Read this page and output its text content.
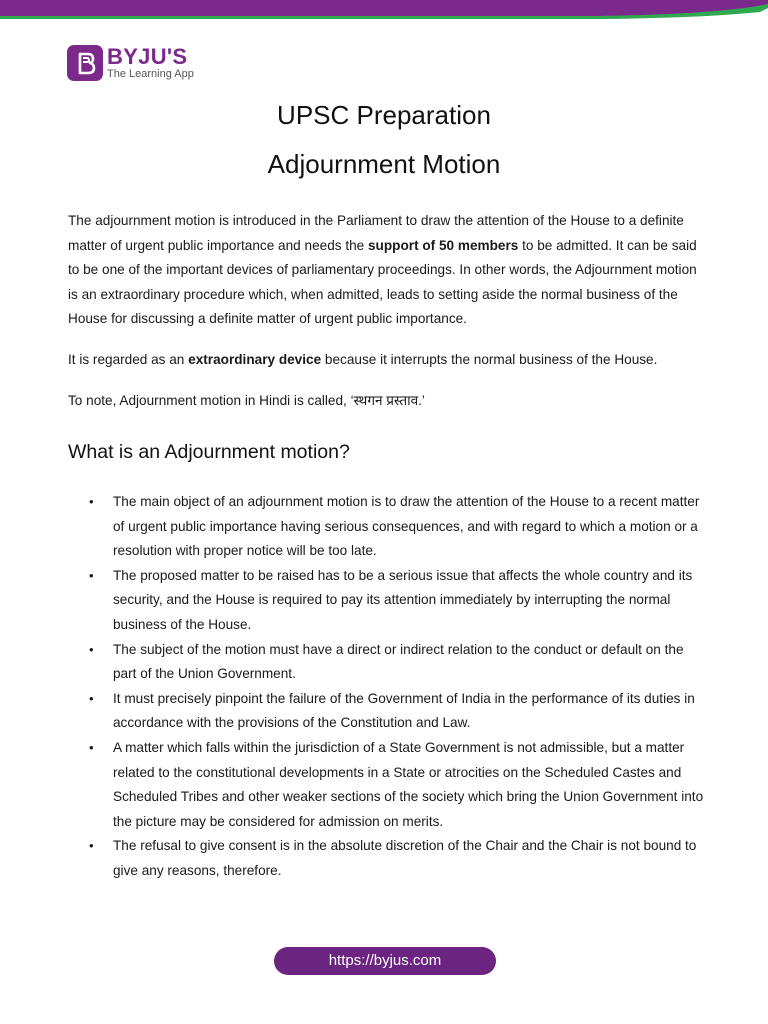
BYJU'S
The Learning App
UPSC Preparation
Adjournment Motion

The adjournment motion is introduced in the Parliament to draw the attention of the House to a definite matter of urgent public importance and needs the support of 50 members to be admitted. It can be said to be one of the important devices of parliamentary proceedings. In other words, the Adjournment motion is an extraordinary procedure which, when admitted, leads to setting aside the normal business of the House for discussing a definite matter of urgent public importance.

It is regarded as an extraordinary device because it interrupts the normal business of the House.

To note, Adjournment motion in Hindi is called, ‘स्थगन प्रस्ताव.’

What is an Adjournment motion?
• The main object of an adjournment motion is to draw the attention of the House to a recent matter of urgent public importance having serious consequences, and with regard to which a motion or a resolution with proper notice will be too late.
• The proposed matter to be raised has to be a serious issue that affects the whole country and its security, and the House is required to pay its attention immediately by interrupting the normal business of the House.
• The subject of the motion must have a direct or indirect relation to the conduct or default on the part of the Union Government.
• It must precisely pinpoint the failure of the Government of India in the performance of its duties in accordance with the provisions of the Constitution and Law.
• A matter which falls within the jurisdiction of a State Government is not admissible, but a matter related to the constitutional developments in a State or atrocities on the Scheduled Castes and Scheduled Tribes and other weaker sections of the society which bring the Union Government into the picture may be considered for admission on merits.
• The refusal to give consent is in the absolute discretion of the Chair and the Chair is not bound to give any reasons, therefore.
https://byjus.com
